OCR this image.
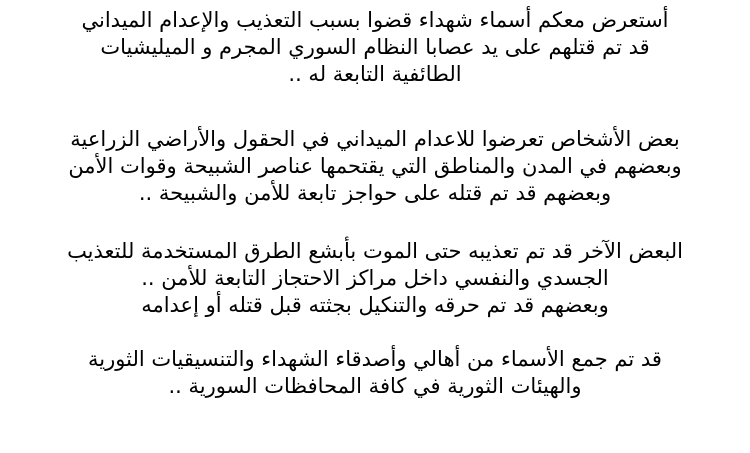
أستعرض معكم أسماء شهداء قضوا بسبب التعذيب والإعدام الميداني
قد تم قتلهم على يد عصابا النظام السوري المجرم و الميليشيات
الطائفية التابعة له ..

بعض الأشخاص تعرضوا للاعدام الميداني في الحقول والأراضي الزراعية
وبعضهم في المدن والمناطق التي يقتحمها عناصر الشبيحة وقوات الأمن
وبعضهم قد تم قتله على حواجز تابعة للأمن والشبيحة ..

البعض الآخر قد تم تعذيبه حتى الموت بأبشع الطرق المستخدمة للتعذيب
الجسدي والنفسي داخل مراكز الاحتجاز التابعة للأمن ..
وبعضهم قد تم حرقه والتنكيل بجثته قبل قتله أو إعدامه

قد تم جمع الأسماء من أهالي وأصدقاء الشهداء والتنسيقيات الثورية
والهيئات الثورية في كافة المحافظات السورية ..
